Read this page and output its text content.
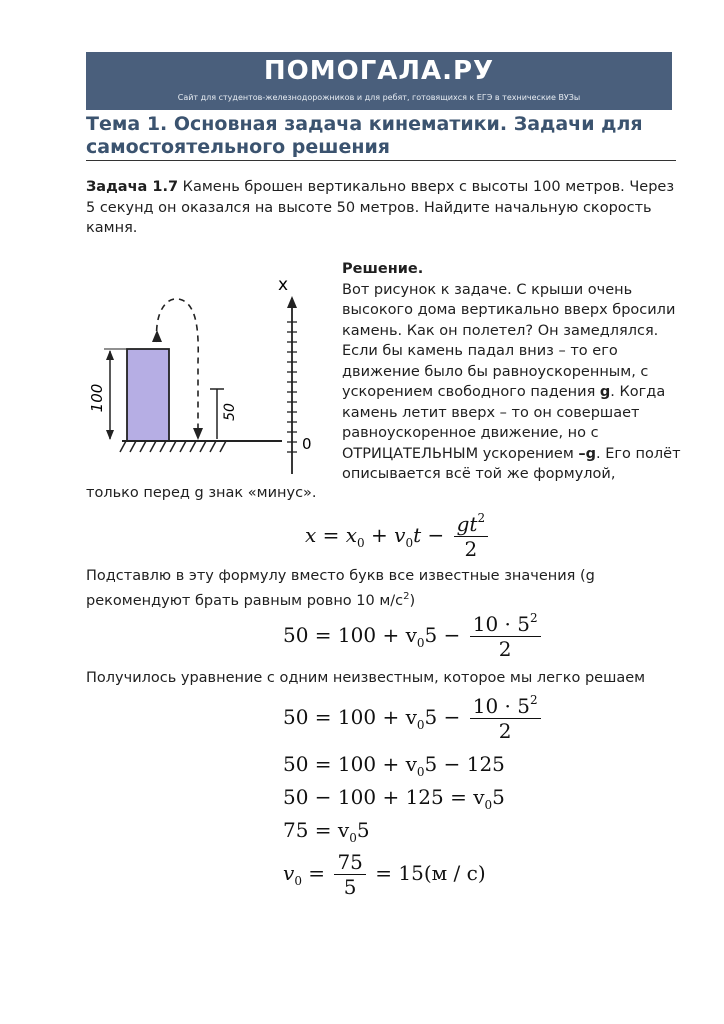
ПОМОГАЛА.РУ
Сайт для студентов-железнодорожников и для ребят, готовящихся к ЕГЭ в технические ВУЗы
Тема 1. Основная задача кинематики. Задачи для самостоятельного решения
Задача 1.7 Камень брошен вертикально вверх с высоты 100 метров. Через 5 секунд он оказался на высоте 50 метров. Найдите начальную скорость камня.
100	50
x
0
Решение.
Вот рисунок к задаче. С крыши очень высокого дома вертикально вверх бросили камень. Как он полетел? Он замедлялся. Если бы камень падал вниз – то его движение было бы равноускоренным, с ускорением свободного падения g. Когда камень летит вверх – то он совершает равноускоренное движение, но с ОТРИЦАТЕЛЬНЫМ ускорением –g. Его полёт описывается всё той же формулой,
только перед g знак «минус».
$x = x_0 + v_0t - \frac{gt^2}{2}$
Подставлю в эту формулу вместо букв все известные значения (g рекомендуют брать равным ровно 10 $м/с^2$)
$50 = 100 + v_05 - \frac{10 \cdot 5^2}{2}$
Получилось уравнение с одним неизвестным, которое мы легко решаем
$50 = 100 + v_05 - \frac{10 \cdot 5^2}{2}$
$50 = 100 + v_05 - 125$
$50 - 100 + 125 = v_05$
$75 = v_05$
$v_0 = \frac{75}{5} = 15(м / с)$
